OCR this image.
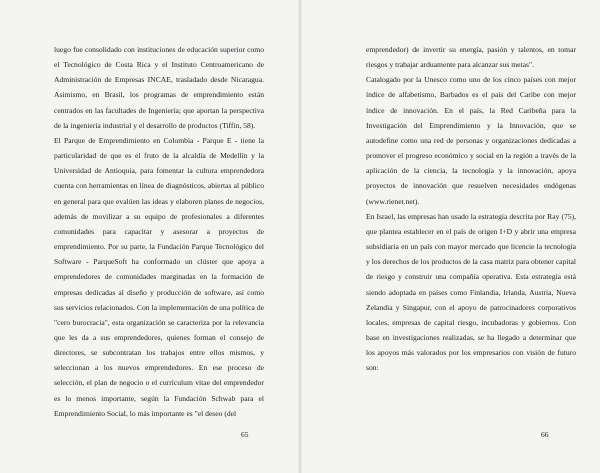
luego fue consolidado con instituciones de educación superior como el Tecnológico de Costa Rica y el Instituto Centroamericano de Administración de Empresas INCAE, trasladado desde Nicaragua. Asimismo, en Brasil, los programas de emprendimiento están centrados en las facultades de Ingeniería; que aportan la perspectiva de la ingeniería industrial y el desarrollo de productos (Tiffin, 58).

El Parque de Emprendimiento en Colombia - Parque E - tiene la particularidad de que es el fruto de la alcaldía de Medellín y la Universidad de Antioquia, para fomentar la cultura emprendedora cuenta con herramientas en línea de diagnósticos, abiertas al público en general para que evalúen las ideas y elaboren planes de negocios, además de movilizar a su equipo de profesionales a diferentes comunidades para capacitar y asesorar a proyectos de emprendimiento. Por su parte, la Fundación Parque Tecnológico del Software - ParqueSoft ha conformado un clúster que apoya a emprendedores de comunidades marginadas en la formación de empresas dedicadas al diseño y producción de software, así como sus servicios relacionados. Con la implementación de una política de "cero burocracia", esta organización se caracteriza por la relevancia que les da a sus emprendedores, quienes forman el consejo de directores, se subcontratan los trabajos entre ellos mismos, y seleccionan a los nuevos emprendedores. En ese proceso de selección, el plan de negocio o el currículum vitae del emprendedor es lo menos importante, según la Fundación Schwab para el Emprendimiento Social, lo más importante es "el deseo (del

65

emprendedor) de invertir su energía, pasión y talentos, en tomar riesgos y trabajar arduamente para alcanzar sus metas".

Catalogado por la Unesco como uno de los cinco países con mejor índice de alfabetismo, Barbados es el país del Caribe con mejor índice de innovación. En el país, la Red Caribeña para la Investigación del Emprendimiento y la Innovación, que se autodefine como una red de personas y organizaciones dedicadas a promover el progreso económico y social en la región a través de la aplicación de la ciencia, la tecnología y la innovación, apoya proyectos de innovación que resuelven necesidades endógenas (www.rienet.net).

En Israel, las empresas han usado la estrategia descrita por Ray (75), que plantea establecer en el país de origen I+D y abrir una empresa subsidiaria en un país con mayor mercado que licencie la tecnología y los derechos de los productos de la casa matriz para obtener capital de riesgo y construir una compañía operativa. Esta estrategia está siendo adoptada en países como Finlandia, Irlanda, Austria, Nueva Zelandia y Singapur, con el apoyo de patrocinadores corporativos locales, empresas de capital riesgo, incubadoras y gobiernos. Con base en investigaciones realizadas, se ha llegado a determinar que los apoyos más valorados por los empresarios con visión de futuro son:

66
